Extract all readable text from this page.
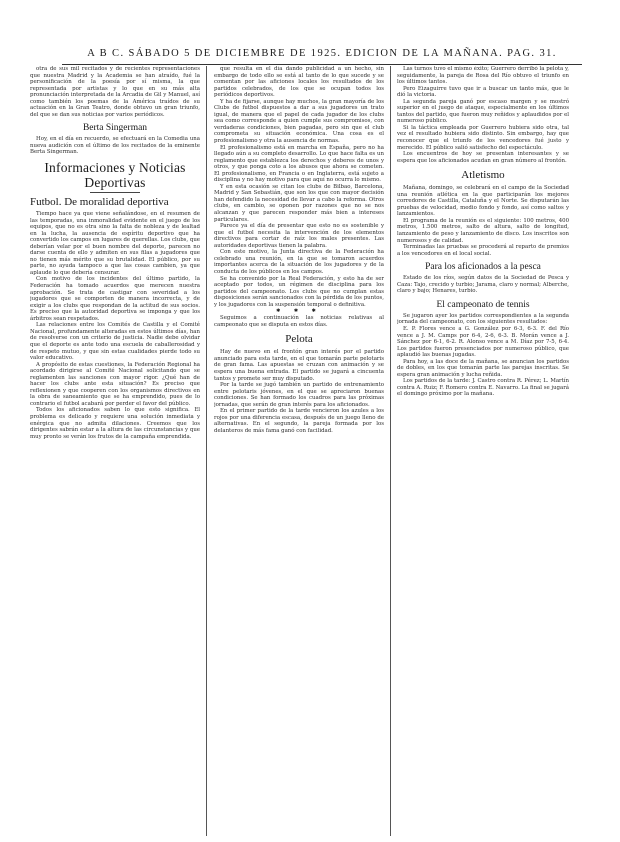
A B C. SÁBADO 5 DE DICIEMBRE DE 1925. EDICION DE LA MAÑANA. PAG. 31.

otra de sus mil recitados y de recientes representaciones que nuestra Madrid y la Academia se han atraído, fué la personificación de la poesía por sí misma, la que representada por artistas y lo que en su más alta pronunciación interpretada de la Arcadia de Gil y Manuel, así como también los poemas de la América traídos de su actuación en la Gran Teatro, donde obtuvo un gran triunfo, del que se dan sus noticias por varios periódicos.

Berta Singerman

Hoy, en el día en recuerdo, se efectuará en la Comedia una nueva audición con el último de los recitados de la eminente Berta Singerman.

Informaciones y Noticias Deportivas
Futbol. De moralidad deportiva

Tiempo hace ya que viene señalándose, en el resumen de las temporadas, una inmoralidad evidente en el juego de los equipos, que no es otra sino la falta de nobleza y de lealtad en la lucha, la ausencia de espíritu deportivo que ha convertido los campos en lugares de querellas. Los clubs, que deberían velar por el buen nombre del deporte, parecen no darse cuenta de ello y admiten en sus filas a jugadores que no tienen más mérito que su brutalidad. El público, por su parte, no ayuda tampoco a que las cosas cambien, ya que aplaude lo que debería censurar.

Con motivo de los incidentes del último partido, la Federación ha tomado acuerdos que merecen nuestra aprobación. Se trata de castigar con severidad a los jugadores que se comporten de manera incorrecta, y de exigir a los clubs que respondan de la actitud de sus socios. Es preciso que la autoridad deportiva se imponga y que los árbitros sean respetados.

Las relaciones entre los Comités de Castilla y el Comité Nacional, profundamente alteradas en estos últimos días, han de resolverse con un criterio de justicia. Nadie debe olvidar que el deporte es ante todo una escuela de caballerosidad y de respeto mutuo, y que sin estas cualidades pierde todo su valor educativo.

A propósito de estas cuestiones, la Federación Regional ha acordado dirigirse al Comité Nacional solicitando que se reglamenten las sanciones con mayor rigor. ¿Qué han de hacer los clubs ante esta situación? Es preciso que reflexionen y que cooperen con los organismos directivos en la obra de saneamiento que se ha emprendido, pues de lo contrario el futbol acabará por perder el favor del público.

Todos los aficionados saben lo que esto significa. El problema es delicado y requiere una solución inmediata y enérgica que no admita dilaciones. Creemos que los dirigentes sabrán estar a la altura de las circunstancias y que muy pronto se verán los frutos de la campaña emprendida.

que resulta en el día dando publicidad a un hecho, sin embargo de todo ello se está al tanto de lo que sucede y se comentan por las aficiones locales los resultados de los partidos celebrados, de los que se ocupan todos los periódicos deportivos.

Y ha de fijarse, aunque hay muchos, la gran mayoría de los Clubs de futbol dispuestos a dar a sus jugadores un trato igual, de manera que el papel de cada jugador de los clubs sea como corresponde a quien cumple sus compromisos, con verdaderas condiciones, bien pagadas, pero sin que el club comprometa su situación económica. Una cosa es el profesionalismo y otra la ausencia de normas.

El profesionalismo está en marcha en España, pero no ha llegado aún a su completo desarrollo. Lo que hace falta es un reglamento que establezca los derechos y deberes de unos y otros, y que ponga coto a los abusos que ahora se cometen. El profesionalismo, en Francia o en Inglaterra, está sujeto a disciplina y no hay motivo para que aquí no ocurra lo mismo.

Y en esta ocasión se citan los clubs de Bilbao, Barcelona, Madrid y San Sebastián, que son los que con mayor decisión han defendido la necesidad de llevar a cabo la reforma. Otros clubs, en cambio, se oponen por razones que no se nos alcanzan y que parecen responder más bien a intereses particulares.

Parece ya el día de presentar que esto no es sostenible y que el futbol necesita la intervención de los elementos directivos para cortar de raíz los males presentes. Las autoridades deportivas tienen la palabra.

Con este motivo, la Junta directiva de la Federación ha celebrado una reunión, en la que se tomaron acuerdos importantes acerca de la situación de los jugadores y de la conducta de los públicos en los campos.

Se ha convenido por la Real Federación, y esto ha de ser aceptado por todos, un régimen de disciplina para los partidos del campeonato. Los clubs que no cumplan estas disposiciones serán sancionados con la pérdida de los puntos, y los jugadores con la suspensión temporal o definitiva.

✱ ✱ ✱

Seguimos a continuación las noticias relativas al campeonato que se disputa en estos días.

Pelota

Hay de nuevo en el frontón gran interés por el partido anunciado para esta tarde, en el que tomarán parte pelotaris de gran fama. Las apuestas se cruzan con animación y se espera una buena entrada. El partido se jugará a cincuenta tantos y promete ser muy disputado.

Por la tarde se jugó también un partido de entrenamiento entre pelotaris jóvenes, en el que se apreciaron buenas condiciones. Se han formado los cuadros para las próximas jornadas, que serán de gran interés para los aficionados.

En el primer partido de la tarde vencieron los azules a los rojos por una diferencia escasa, después de un juego lleno de alternativas. En el segundo, la pareja formada por los delanteros de más fama ganó con facilidad.

Las turnos tuvo el mismo éxito; Guerrero derribó la pelota y, seguidamente, la pareja de Rosa del Río obtuvo el triunfo en los últimos tantos.

Pero Eizaguirre tuvo que ir a buscar un tanto más, que le dió la victoria.

La segunda pareja ganó por escaso margen y se mostró superior en el juego de ataque, especialmente en los últimos tantos del partido, que fueron muy reñidos y aplaudidos por el numeroso público.

Si la táctica empleada por Guerrero hubiera sido otra, tal vez el resultado hubiera sido distinto. Sin embargo, hay que reconocer que el triunfo de los vencedores fué justo y merecido. El público salió satisfecho del espectáculo.

Los encuentros de hoy se presentan interesantes y se espera que los aficionados acudan en gran número al frontón.

Atletismo

Mañana, domingo, se celebrará en el campo de la Sociedad una reunión atlética en la que participarán los mejores corredores de Castilla, Cataluña y el Norte. Se disputarán las pruebas de velocidad, medio fondo y fondo, así como saltos y lanzamientos.

El programa de la reunión es el siguiente: 100 metros, 400 metros, 1.500 metros, salto de altura, salto de longitud, lanzamiento de peso y lanzamiento de disco. Los inscritos son numerosos y de calidad.

Terminadas las pruebas se procederá al reparto de premios a los vencedores en el local social.

Para los aficionados a la pesca

Estado de los ríos, según datos de la Sociedad de Pesca y Caza: Tajo, crecido y turbio; Jarama, claro y normal; Alberche, claro y bajo; Henares, turbio.

El campeonato de tennis

Se jugaron ayer los partidos correspondientes a la segunda jornada del campeonato, con los siguientes resultados:

E. P. Flores vence a G. González por 6-3, 6-3. F. del Río vence a J. M. Camps por 6-4, 2-6, 6-3. B. Morán vence a J. Sánchez por 6-1, 6-2. R. Alonso vence a M. Díaz por 7-5, 6-4. Los partidos fueron presenciados por numeroso público, que aplaudió las buenas jugadas.

Para hoy, a las doce de la mañana, se anuncian los partidos de dobles, en los que tomarán parte las parejas inscritas. Se espera gran animación y lucha reñida.

Los partidos de la tarde: J. Castro contra R. Pérez; L. Martín contra A. Ruiz; F. Romero contra E. Navarro. La final se jugará el domingo próximo por la mañana.
